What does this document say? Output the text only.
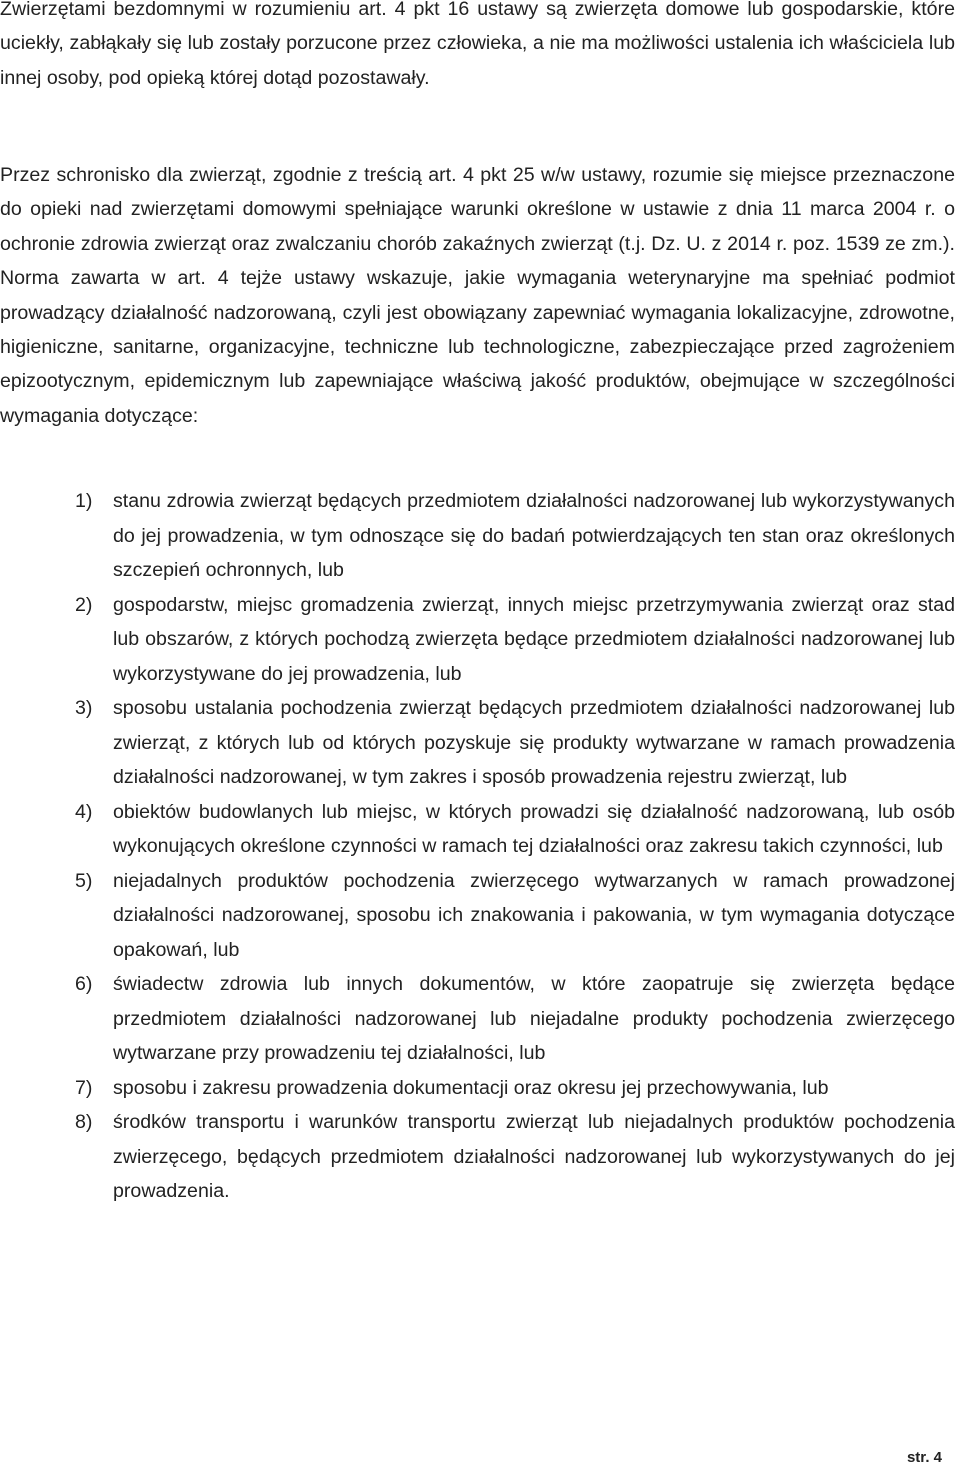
Zwierzętami bezdomnymi w rozumieniu art. 4 pkt 16 ustawy są zwierzęta domowe lub gospodarskie, które uciekły, zabłąkały się lub zostały porzucone przez człowieka, a nie ma możliwości ustalenia ich właściciela lub innej osoby, pod opieką której dotąd pozostawały.

Przez schronisko dla zwierząt, zgodnie z treścią art. 4 pkt 25 w/w ustawy, rozumie się miejsce przeznaczone do opieki nad zwierzętami domowymi spełniające warunki określone w ustawie z dnia 11 marca 2004 r. o ochronie zdrowia zwierząt oraz zwalczaniu chorób zakaźnych zwierząt (t.j. Dz. U. z 2014 r. poz. 1539 ze zm.). Norma zawarta w art. 4 tejże ustawy wskazuje, jakie wymagania weterynaryjne ma spełniać podmiot prowadzący działalność nadzorowaną, czyli jest obowiązany zapewniać wymagania lokalizacyjne, zdrowotne, higieniczne, sanitarne, organizacyjne, techniczne lub technologiczne, zabezpieczające przed zagrożeniem epizootycznym, epidemicznym lub zapewniające właściwą jakość produktów, obejmujące w szczególności wymagania dotyczące:

1) stanu zdrowia zwierząt będących przedmiotem działalności nadzorowanej lub wykorzystywanych do jej prowadzenia, w tym odnoszące się do badań potwierdzających ten stan oraz określonych szczepień ochronnych, lub
2) gospodarstw, miejsc gromadzenia zwierząt, innych miejsc przetrzymywania zwierząt oraz stad lub obszarów, z których pochodzą zwierzęta będące przedmiotem działalności nadzorowanej lub wykorzystywane do jej prowadzenia, lub
3) sposobu ustalania pochodzenia zwierząt będących przedmiotem działalności nadzorowanej lub zwierząt, z których lub od których pozyskuje się produkty wytwarzane w ramach prowadzenia działalności nadzorowanej, w tym zakres i sposób prowadzenia rejestru zwierząt, lub
4) obiektów budowlanych lub miejsc, w których prowadzi się działalność nadzorowaną, lub osób wykonujących określone czynności w ramach tej działalności oraz zakresu takich czynności, lub
5) niejadalnych produktów pochodzenia zwierzęcego wytwarzanych w ramach prowadzonej działalności nadzorowanej, sposobu ich znakowania i pakowania, w tym wymagania dotyczące opakowań, lub
6) świadectw zdrowia lub innych dokumentów, w które zaopatruje się zwierzęta będące przedmiotem działalności nadzorowanej lub niejadalne produkty pochodzenia zwierzęcego wytwarzane przy prowadzeniu tej działalności, lub
7) sposobu i zakresu prowadzenia dokumentacji oraz okresu jej przechowywania, lub
8) środków transportu i warunków transportu zwierząt lub niejadalnych produktów pochodzenia zwierzęcego, będących przedmiotem działalności nadzorowanej lub wykorzystywanych do jej prowadzenia.
str. 4
